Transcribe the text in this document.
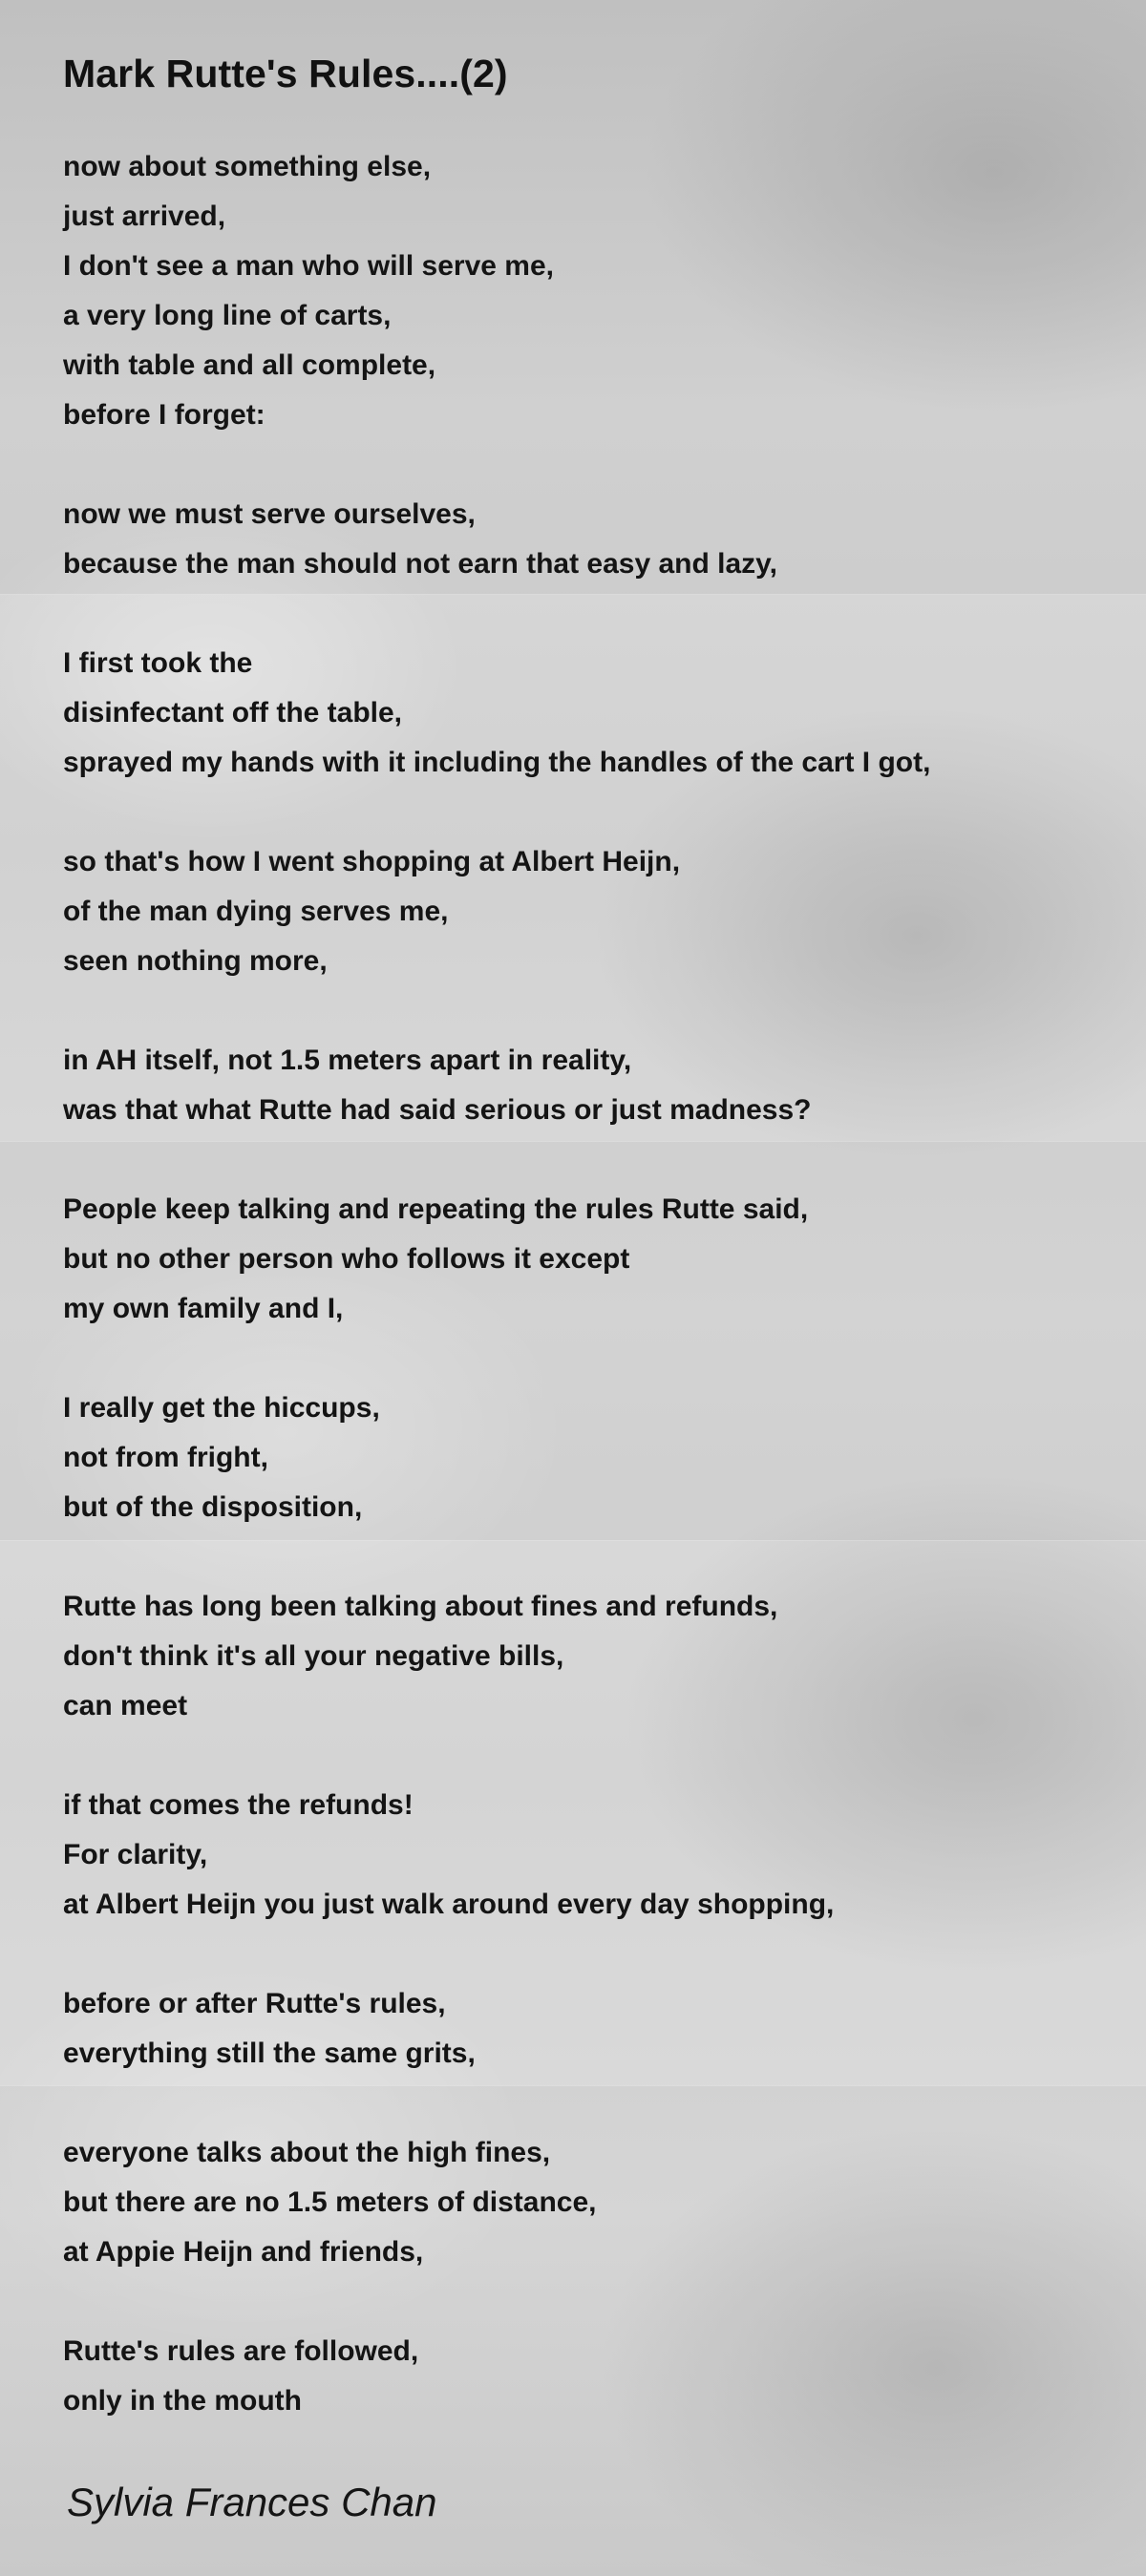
Mark Rutte's Rules....(2)
now about something else,
just arrived,
I don't see a man who will serve me,
a very long line of carts,
with table and all complete,
before I forget:
now we must serve ourselves,
because the man should not earn that easy and lazy,
I first took the
disinfectant off the table,
sprayed my hands with it including the handles of the cart I got,
so that's how I went shopping at Albert Heijn,
of the man dying serves me,
seen nothing more,
in AH itself, not 1.5 meters apart in reality,
was that what Rutte had said serious or just madness?
People keep talking and repeating the rules Rutte said,
but no other person who follows it except
my own family and I,
I really get the hiccups,
not from fright,
but of the disposition,
Rutte has long been talking about fines and refunds,
don't think it's all your negative bills,
can meet
if that comes the refunds!
For clarity,
at Albert Heijn you just walk around every day shopping,
before or after Rutte's rules,
everything still the same grits,
everyone talks about the high fines,
but there are no 1.5 meters of distance,
at Appie Heijn and friends,
Rutte's rules are followed,
only in the mouth
Sylvia Frances Chan
